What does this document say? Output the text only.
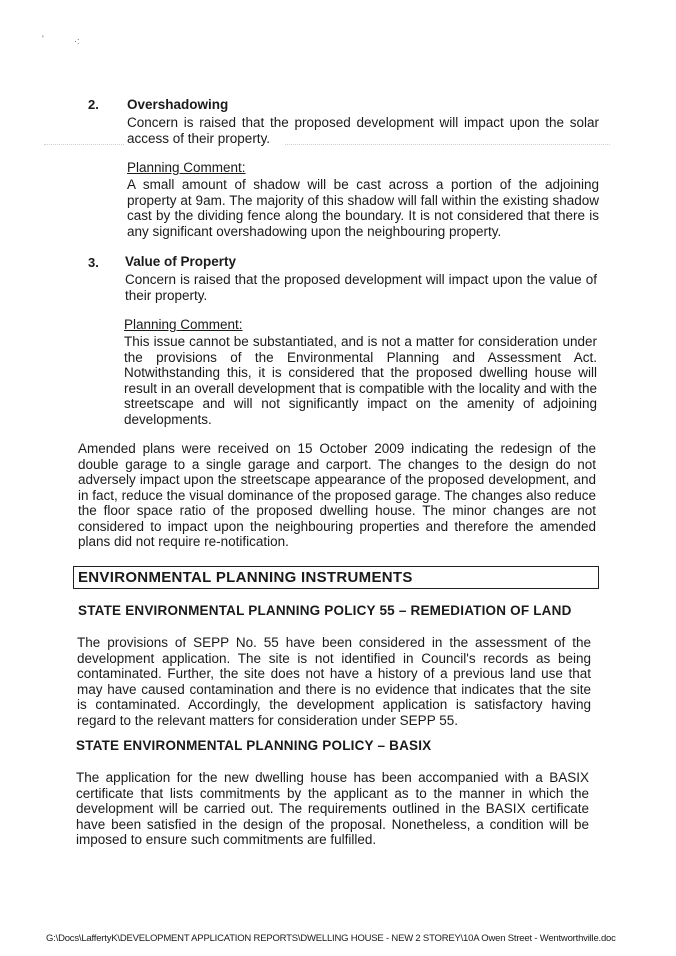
'	·:
2. Overshadowing
Concern is raised that the proposed development will impact upon the solar access of their property.
Planning Comment:
A small amount of shadow will be cast across a portion of the adjoining property at 9am. The majority of this shadow will fall within the existing shadow cast by the dividing fence along the boundary. It is not considered that there is any significant overshadowing upon the neighbouring property.
3. Value of Property
Concern is raised that the proposed development will impact upon the value of their property.
Planning Comment:
This issue cannot be substantiated, and is not a matter for consideration under the provisions of the Environmental Planning and Assessment Act. Notwithstanding this, it is considered that the proposed dwelling house will result in an overall development that is compatible with the locality and with the streetscape and will not significantly impact on the amenity of adjoining developments.
Amended plans were received on 15 October 2009 indicating the redesign of the double garage to a single garage and carport. The changes to the design do not adversely impact upon the streetscape appearance of the proposed development, and in fact, reduce the visual dominance of the proposed garage. The changes also reduce the floor space ratio of the proposed dwelling house. The minor changes are not considered to impact upon the neighbouring properties and therefore the amended plans did not require re-notification.
ENVIRONMENTAL PLANNING INSTRUMENTS
STATE ENVIRONMENTAL PLANNING POLICY 55 – REMEDIATION OF LAND
The provisions of SEPP No. 55 have been considered in the assessment of the development application. The site is not identified in Council's records as being contaminated. Further, the site does not have a history of a previous land use that may have caused contamination and there is no evidence that indicates that the site is contaminated. Accordingly, the development application is satisfactory having regard to the relevant matters for consideration under SEPP 55.
STATE ENVIRONMENTAL PLANNING POLICY – BASIX
The application for the new dwelling house has been accompanied with a BASIX certificate that lists commitments by the applicant as to the manner in which the development will be carried out. The requirements outlined in the BASIX certificate have been satisfied in the design of the proposal. Nonetheless, a condition will be imposed to ensure such commitments are fulfilled.
G:\Docs\LaffertyK\DEVELOPMENT APPLICATION REPORTS\DWELLING HOUSE - NEW 2 STOREY\10A Owen Street - Wentworthville.doc
